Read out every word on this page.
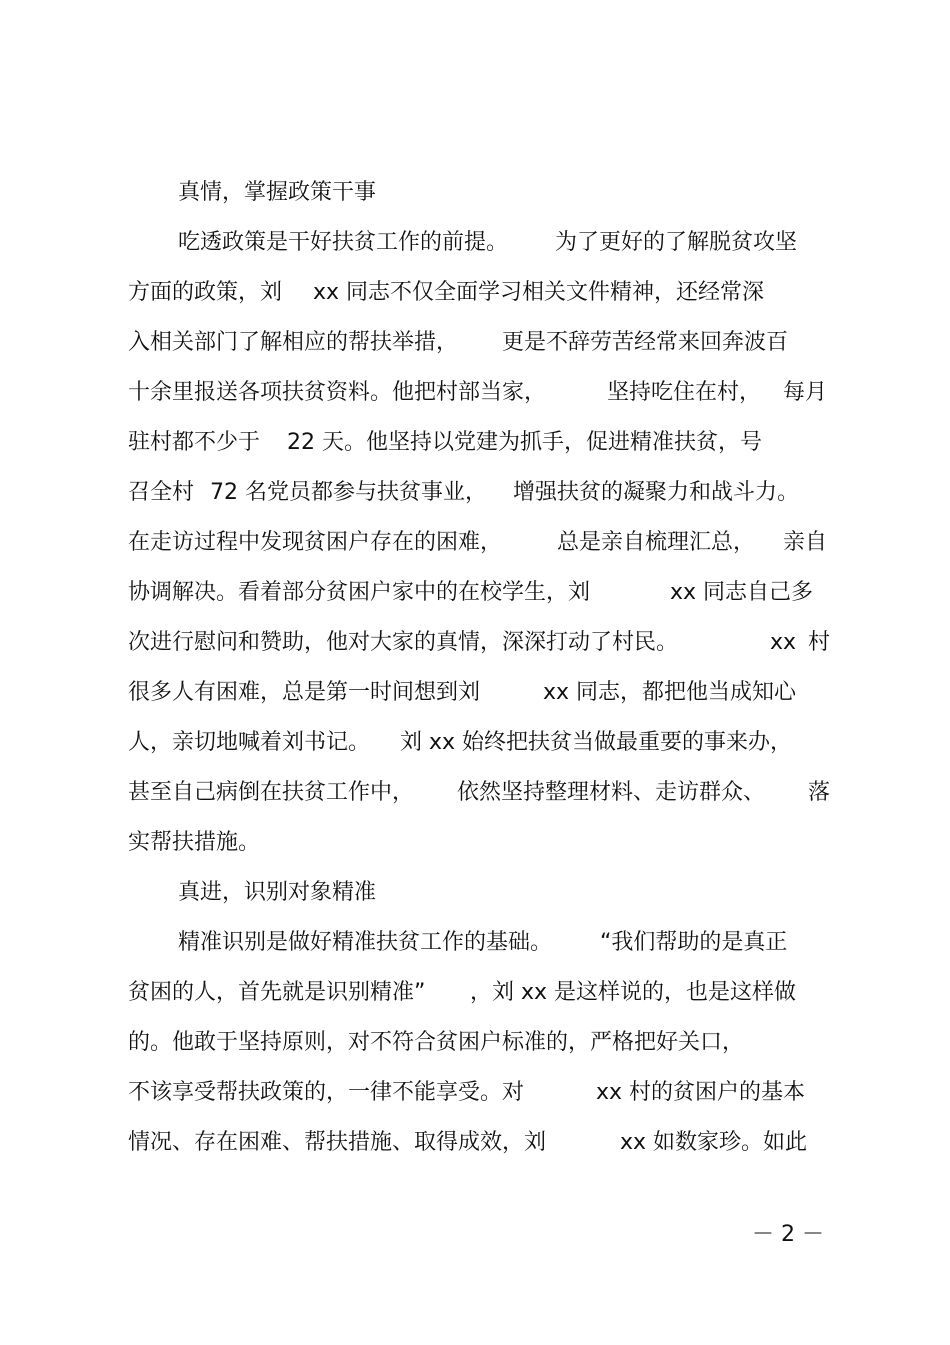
真情，掌握政策干事

吃透政策是干好扶贫工作的前提。

为了更好的了解脱贫攻坚

方面的政策，刘

xx 同志不仅全面学习相关文件精神，还经常深

入相关部门了解相应的帮扶举措，

更是不辞劳苦经常来回奔波百

十余里报送各项扶贫资料。他把村部当家，

	坚持吃住在村，

每月

驻村都不少于

22 天。他坚持以党建为抓手，促进精准扶贫，号

召全村

72 名党员都参与扶贫事业，

增强扶贫的凝聚力和战斗力。

在走访过程中发现贫困户存在的困难，

总是亲自梳理汇总，

亲自

协调解决。看着部分贫困户家中的在校学生，刘

	xx 同志自己多

次进行慰问和赞助，他对大家的真情，深深打动了村民。

	xx

村

很多人有困难，总是第一时间想到刘

	xx 同志，都把他当成知心

人，亲切地喊着刘书记。

刘 xx 始终把扶贫当做最重要的事来办，

甚至自己病倒在扶贫工作中，

依然坚持整理材料、走访群众、

落

实帮扶措施。

真进，识别对象精准

精准识别是做好精准扶贫工作的基础。

“我们帮助的是真正

贫困的人，首先就是识别精准”

，刘 xx 是这样说的，也是这样做

的。他敢于坚持原则，对不符合贫困户标准的，严格把好关口，

不该享受帮扶政策的，一律不能享受。对

	xx 村的贫困户的基本

情况、存在困难、帮扶措施、取得成效，刘

	xx 如数家珍。如此

－ 2 －
